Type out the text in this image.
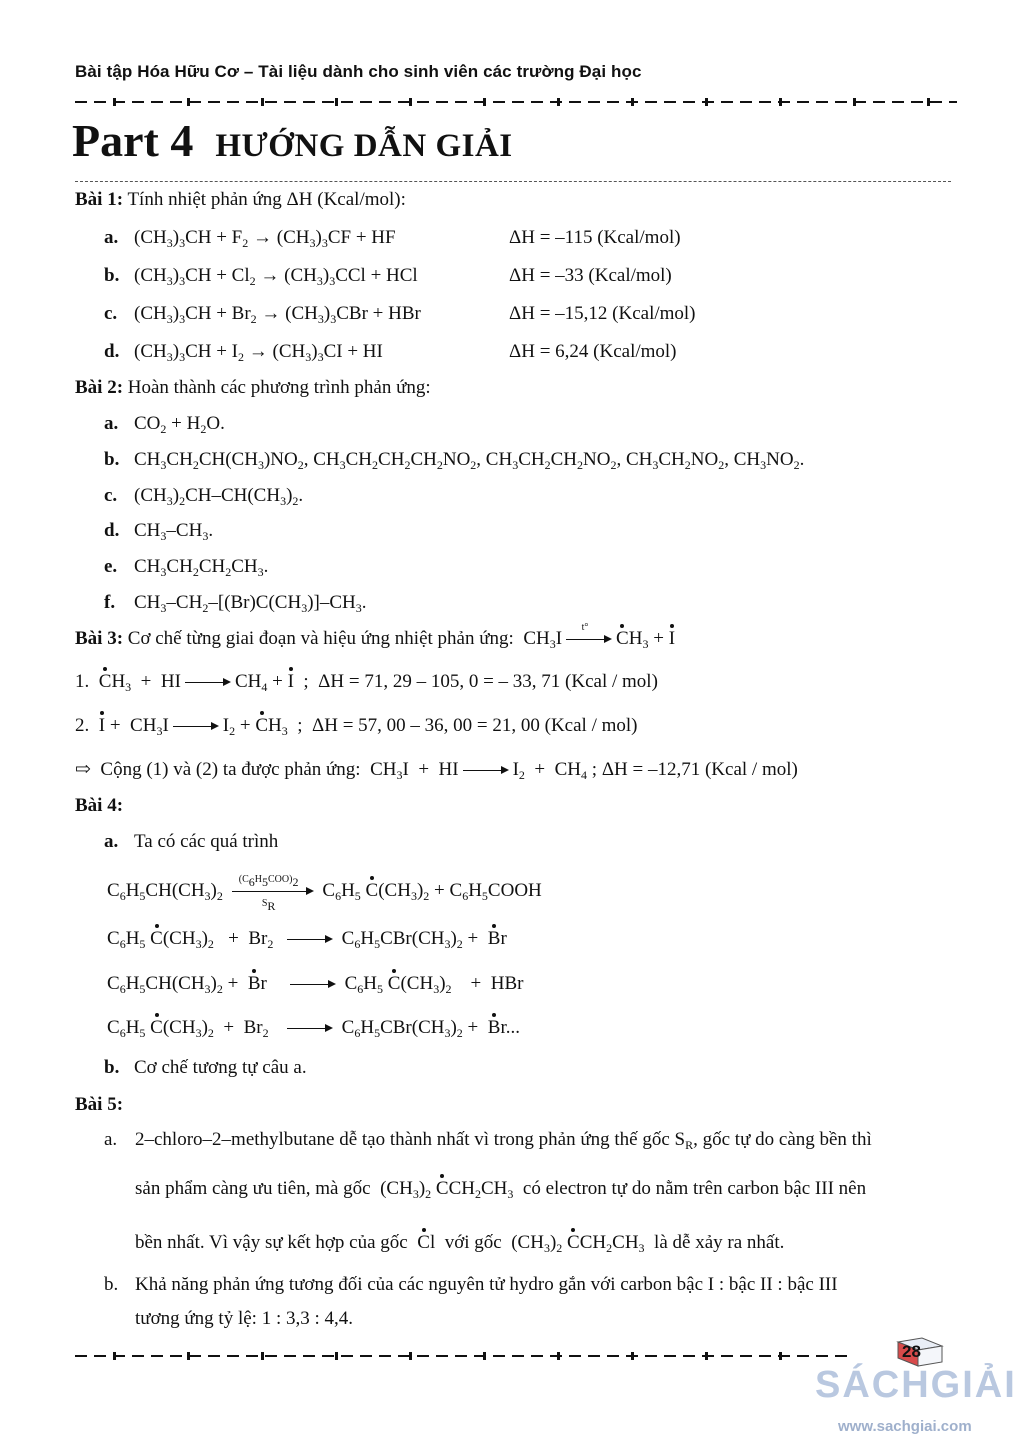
Bài tập Hóa Hữu Cơ – Tài liệu dành cho sinh viên các trường Đại học
Part 4 HƯỚNG DẪN GIẢI
Bài 1: Tính nhiệt phản ứng ΔH (Kcal/mol):
a. $(CH_3)_3CH + F_2 \to (CH_3)_3CF$ + HF	ΔH = –115 (Kcal/mol)
b. $(CH_3)_3CH + Cl_2 \to (CH_3)_3CCl$ + HCl	ΔH = –33 (Kcal/mol)
c. $(CH_3)_3CH + Br_2 \to (CH_3)_3CBr$ + HBr	ΔH = –15,12 (Kcal/mol)
d. $(CH_3)_3CH + I_2 \to (CH_3)_3CI$ + HI	ΔH = 6,24 (Kcal/mol)
Bài 2: Hoàn thành các phương trình phản ứng:
a. $CO_2 + H_2O$.
b. $CH_3CH_2CH(CH_3)NO_2$, $CH_3CH_2CH_2CH_2NO_2$, $CH_3CH_2CH_2NO_2$, $CH_3CH_2NO_2$, $CH_3NO_2$.
c. $(CH_3)_2CH-CH(CH_3)_2$.
d. $CH_3-CH_3$.
e. $CH_3CH_2CH_2CH_3$.
f. $CH_3-CH_2-[(Br)C(CH_3)]-CH_3$.
Bài 3: Cơ chế từng giai đoạn và hiệu ứng nhiệt phản ứng:  $CH_3I$
t°
$CH_3 + I$
1. $CH_3$  +  HI	$CH_4 + I$  ;  ΔH = 71, 29 – 105, 0 = – 33, 71 (Kcal / mol)
2. $I + CH_3I$	$I_2 + CH_3$  ;  ΔH = 57, 00 – 36, 00 = 21, 00 (Kcal / mol)
⇨ Cộng (1) và (2) ta được phản ứng:  $CH_3I$  +  HI	$I_2 + CH_4$ ; ΔH = –12,71 (Kcal / mol)
Bài 4:
a. Ta có các quá trình
$C_6H_5CH(CH_3)_2$
$(C_6H_5COO)_2$
$S_R$
$C_6H_5$ $C(CH_3)_2$ + $C_6H_5COOH$
$C_6H_5$ $C(CH_3)_2 + Br_2$	$C_6H_5CBr(CH_3)_2 + Br$
$C_6H_5CH(CH_3)_2 + Br$	$C_6H_5$ $C(CH_3)_2$    +  HBr
$C_6H_5$ $C(CH_3)_2 + Br_2$	$C_6H_5CBr(CH_3)_2 + Br$...
b. Cơ chế tương tự câu a.
Bài 5:
a. 2–chloro–2–methylbutane dễ tạo thành nhất vì trong phản ứng thế gốc $S_R$, gốc tự do càng bền thì
sản phẩm càng ưu tiên, mà gốc  $(CH_3)_2$ $CCH_2CH_3$ có electron tự do nằm trên carbon bậc III nên
bền nhất. Vì vậy sự kết hợp của gốc Cl  với gốc  $(CH_3)_2$ $CCH_2CH_3$ là dễ xảy ra nhất.
b. Khả năng phản ứng tương đối của các nguyên tử hydro gắn với carbon bậc I : bậc II : bậc III
tương ứng tỷ lệ: 1 : 3,3 : 4,4.
28
SÁCHGIẢI
www.sachgiai.com
